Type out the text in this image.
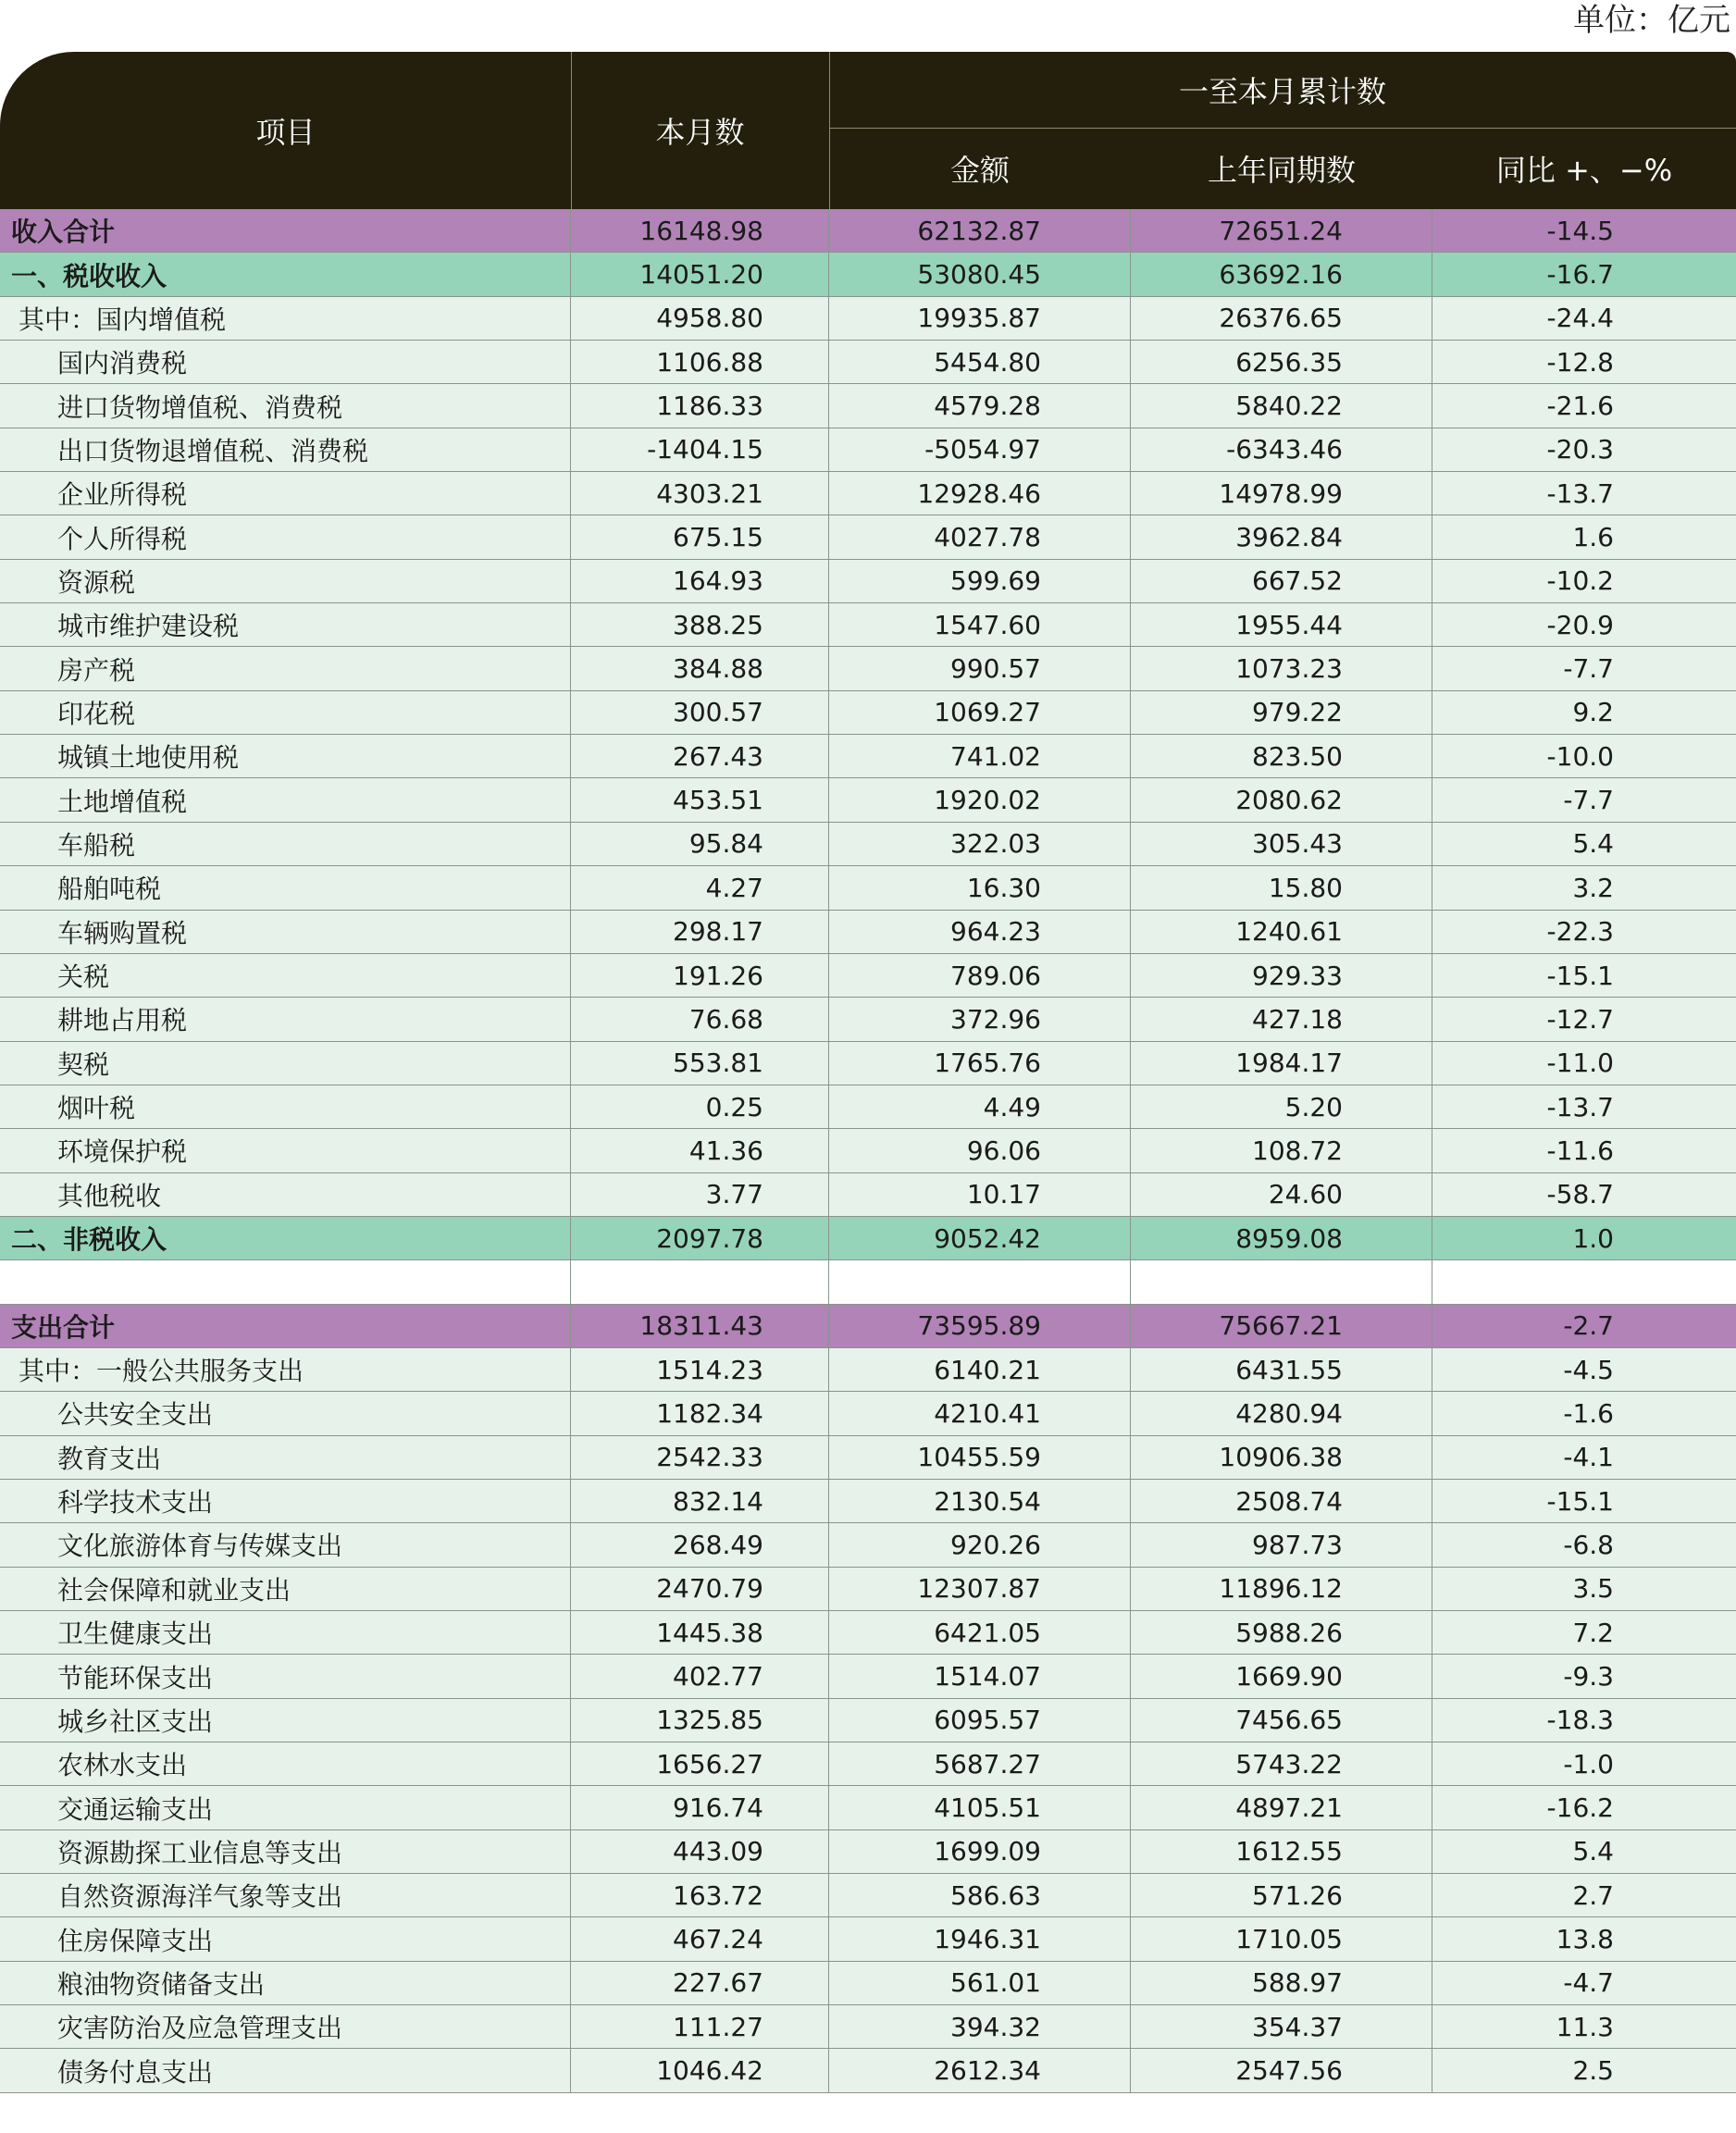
单位：亿元
项目	本月数
一至本月累计数
金额	上年同期数	同比 +、−%
收入合计	16148.98	62132.87	72651.24	-14.5
一、税收收入	14051.20	53080.45	63692.16	-16.7
其中：国内增值税	4958.80	19935.87	26376.65	-24.4
国内消费税	1106.88	5454.80	6256.35	-12.8
进口货物增值税、消费税	1186.33	4579.28	5840.22	-21.6
出口货物退增值税、消费税	-1404.15	-5054.97	-6343.46	-20.3
企业所得税	4303.21	12928.46	14978.99	-13.7
个人所得税	675.15	4027.78	3962.84	1.6
资源税	164.93	599.69	667.52	-10.2
城市维护建设税	388.25	1547.60	1955.44	-20.9
房产税	384.88	990.57	1073.23	-7.7
印花税	300.57	1069.27	979.22	9.2
城镇土地使用税	267.43	741.02	823.50	-10.0
土地增值税	453.51	1920.02	2080.62	-7.7
车船税	95.84	322.03	305.43	5.4
船舶吨税	4.27	16.30	15.80	3.2
车辆购置税	298.17	964.23	1240.61	-22.3
关税	191.26	789.06	929.33	-15.1
耕地占用税	76.68	372.96	427.18	-12.7
契税	553.81	1765.76	1984.17	-11.0
烟叶税	0.25	4.49	5.20	-13.7
环境保护税	41.36	96.06	108.72	-11.6
其他税收	3.77	10.17	24.60	-58.7
二、非税收入	2097.78	9052.42	8959.08	1.0
支出合计	18311.43	73595.89	75667.21	-2.7
其中：一般公共服务支出	1514.23	6140.21	6431.55	-4.5
公共安全支出	1182.34	4210.41	4280.94	-1.6
教育支出	2542.33	10455.59	10906.38	-4.1
科学技术支出	832.14	2130.54	2508.74	-15.1
文化旅游体育与传媒支出	268.49	920.26	987.73	-6.8
社会保障和就业支出	2470.79	12307.87	11896.12	3.5
卫生健康支出	1445.38	6421.05	5988.26	7.2
节能环保支出	402.77	1514.07	1669.90	-9.3
城乡社区支出	1325.85	6095.57	7456.65	-18.3
农林水支出	1656.27	5687.27	5743.22	-1.0
交通运输支出	916.74	4105.51	4897.21	-16.2
资源勘探工业信息等支出	443.09	1699.09	1612.55	5.4
自然资源海洋气象等支出	163.72	586.63	571.26	2.7
住房保障支出	467.24	1946.31	1710.05	13.8
粮油物资储备支出	227.67	561.01	588.97	-4.7
灾害防治及应急管理支出	111.27	394.32	354.37	11.3
债务付息支出	1046.42	2612.34	2547.56	2.5
